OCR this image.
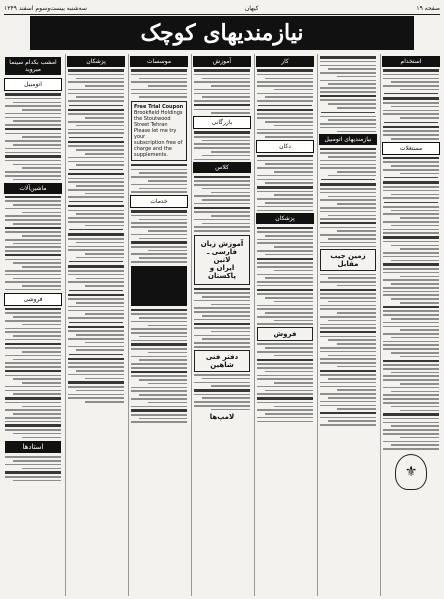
صفحه ۱۹
کیهان
سه‌شنبه بیست‌وسوم اسفند ۱۳۴۹
نیازمندیهای کوچک
استخدام
مستغلات
⚜
نیازمندیهای اتومبیل
زمین جیب مقابل
کار
دکان
پزشکان
فروش
آموزش
بازرگانی
کلاس
آموزش زبان
فارسی ـ لاتین
ایران و پاکستان
دفتر فنی شاهین
لامپ‌ها
موسسات
Free Trial Coupon
Brookfield Holdings
the Stoutwood Street Tehran
Please let me try your
subscription free of
charge and the supplements.
خدمات
پزشکان
امشب بکدام سینما میروید
اتومبیل
ماشین‌آلات
فروشی
استادها
